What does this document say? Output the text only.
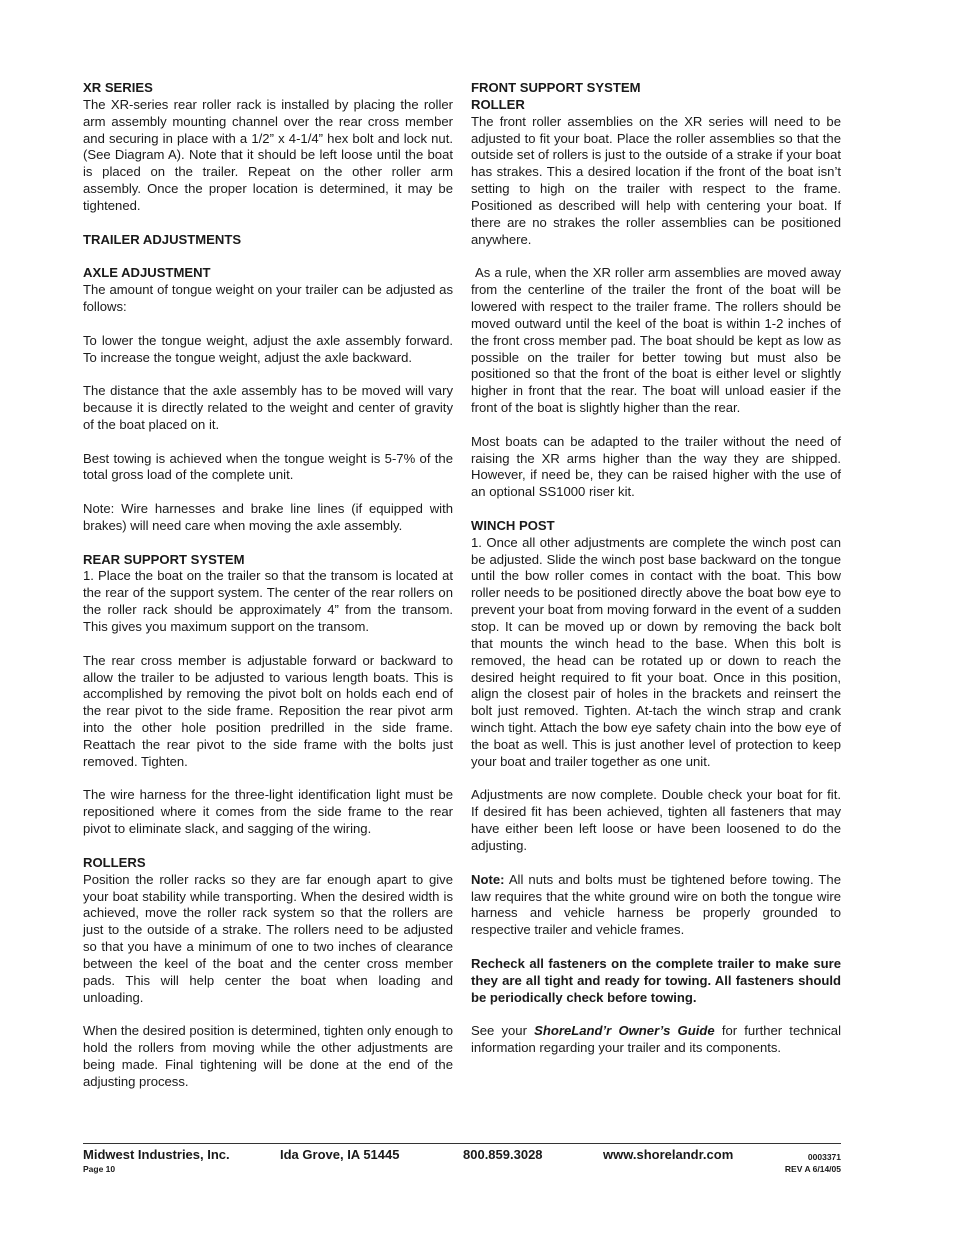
XR SERIES

The XR-series rear roller rack is installed by placing the roller arm assembly mounting channel over the rear cross member and securing in place with a 1/2” x 4-1/4” hex bolt and lock nut. (See Diagram A). Note that it should be left loose until the boat is placed on the trailer. Repeat on the other roller arm assembly. Once the proper location is determined, it may be tightened.

TRAILER ADJUSTMENTS

AXLE ADJUSTMENT

The amount of tongue weight on your trailer can be adjusted as follows:

To lower the tongue weight, adjust the axle assembly forward. To increase the tongue weight, adjust the axle backward.

The distance that the axle assembly has to be moved will vary because it is directly related to the weight and center of gravity of the boat placed on it.

Best towing is achieved when the tongue weight is 5-7% of the total gross load of the complete unit.

Note: Wire harnesses and brake line lines (if equipped with brakes) will need care when moving the axle assembly.

REAR SUPPORT SYSTEM

1. Place the boat on the trailer so that the transom is located at the rear of the support system. The center of the rear rollers on the roller rack should be approximately 4” from the transom. This gives you maximum support on the transom.

The rear cross member is adjustable forward or backward to allow the trailer to be adjusted to various length boats. This is accomplished by removing the pivot bolt on holds each end of the rear pivot to the side frame. Reposition the rear pivot arm into the other hole position predrilled in the side frame. Reattach the rear pivot to the side frame with the bolts just removed. Tighten.

The wire harness for the three-light identification light must be repositioned where it comes from the side frame to the rear pivot to eliminate slack, and sagging of the wiring.

ROLLERS

Position the roller racks so they are far enough apart to give your boat stability while transporting. When the desired width is achieved, move the roller rack system so that the rollers are just to the outside of a strake. The rollers need to be adjusted so that you have a minimum of one to two inches of clearance between the keel of the boat and the center cross member pads. This will help center the boat when loading and unloading.

When the desired position is determined, tighten only enough to hold the rollers from moving while the other adjustments are being made. Final tightening will be done at the end of the adjusting process.

FRONT SUPPORT SYSTEM

ROLLER

The front roller assemblies on the XR series will need to be adjusted to fit your boat. Place the roller assemblies so that the outside set of rollers is just to the outside of a strake if your boat has strakes. This a desired location if the front of the boat isn’t setting to high on the trailer with respect to the frame. Positioned as described will help with centering your boat. If there are no strakes the roller assemblies can be positioned anywhere.

As a rule, when the XR roller arm assemblies are moved away from the centerline of the trailer the front of the boat will be lowered with respect to the trailer frame. The rollers should be moved outward until the keel of the boat is within 1-2 inches of the front cross member pad. The boat should be kept as low as possible on the trailer for better towing but must also be positioned so that the front of the boat is either level or slightly higher in front that the rear. The boat will unload easier if the front of the boat is slightly higher than the rear.

Most boats can be adapted to the trailer without the need of raising the XR arms higher than the way they are shipped. However, if need be, they can be raised higher with the use of an optional SS1000 riser kit.

WINCH POST

1. Once all other adjustments are complete the winch post can be adjusted. Slide the winch post base backward on the tongue until the bow roller comes in contact with the boat. This bow roller needs to be positioned directly above the boat bow eye to prevent your boat from moving forward in the event of a sudden stop. It can be moved up or down by removing the back bolt that mounts the winch head to the base. When this bolt is removed, the head can be rotated up or down to reach the desired height required to fit your boat. Once in this position, align the closest pair of holes in the brackets and reinsert the bolt just removed. Tighten. At-tach the winch strap and crank winch tight. Attach the bow eye safety chain into the bow eye of the boat as well. This is just another level of protection to keep your boat and trailer together as one unit.

Adjustments are now complete. Double check your boat for fit. If desired fit has been achieved, tighten all fasteners that may have either been left loose or have been loosened to do the adjusting.

Note: All nuts and bolts must be tightened before towing. The law requires that the white ground wire on both the tongue wire harness and vehicle harness be properly grounded to respective trailer and vehicle frames.

Recheck all fasteners on the complete trailer to make sure they are all tight and ready for towing. All fasteners should be periodically check before towing.

See your ShoreLand’r Owner’s Guide for further technical information regarding your trailer and its components.

Midwest Industries, Inc.	Ida Grove, IA 51445	800.859.3028	www.shorelandr.com
Page 10
0003371
REV A 6/14/05
